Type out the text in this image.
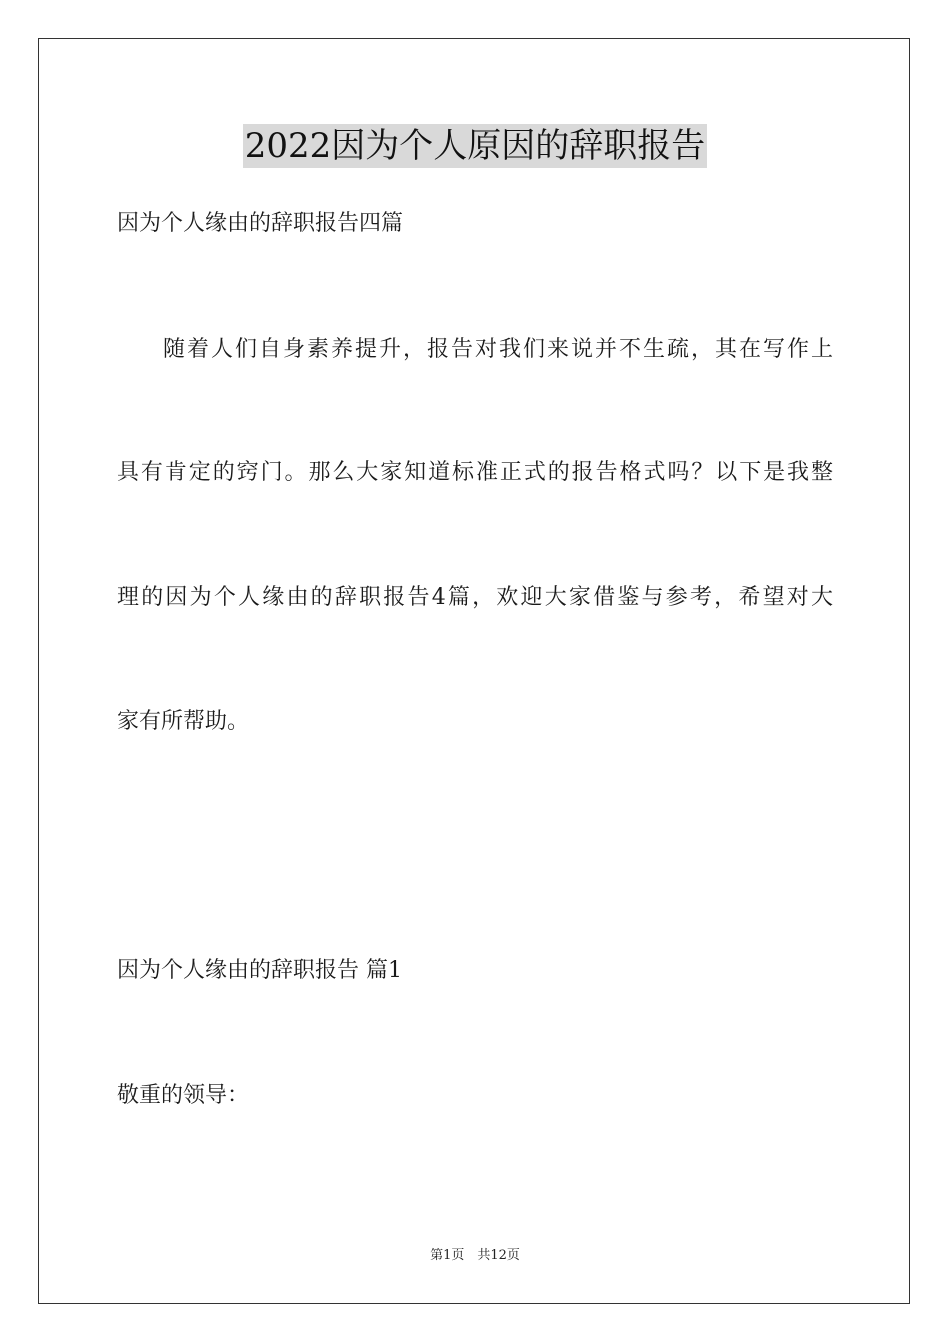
2022因为个人原因的辞职报告
因为个人缘由的辞职报告四篇
随着人们自身素养提升，报告对我们来说并不生疏，其在写作上
具有肯定的窍门。那么大家知道标准正式的报告格式吗？以下是我整
理的因为个人缘由的辞职报告4篇，欢迎大家借鉴与参考，希望对大
家有所帮助。
因为个人缘由的辞职报告 篇1
敬重的领导：
第1页　共12页
